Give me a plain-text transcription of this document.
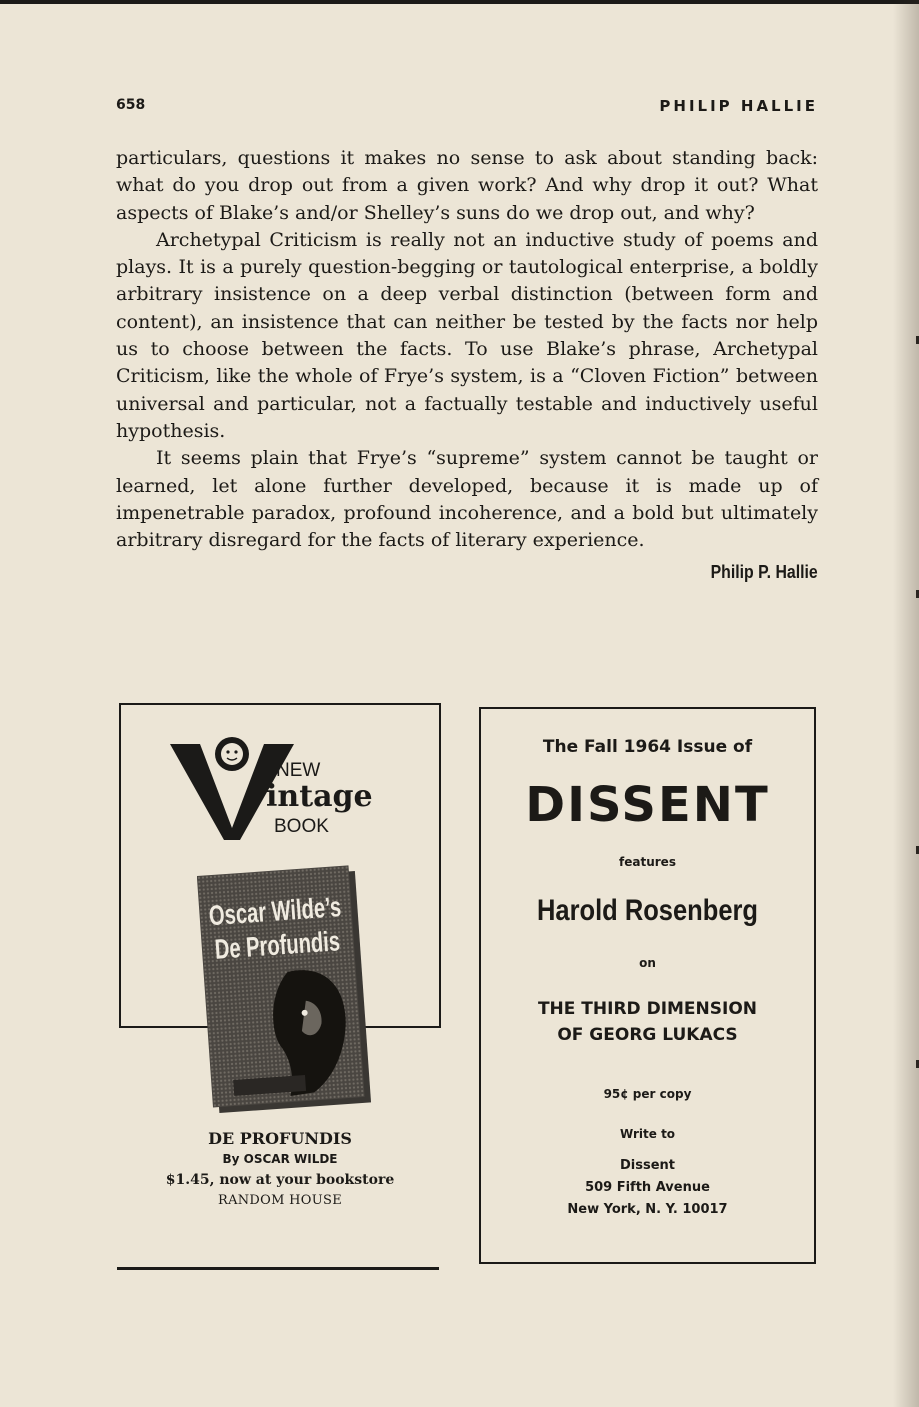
658	PHILIP HALLIE

particulars, questions it makes no sense to ask about standing back: what do you drop out from a given work? And why drop it out? What aspects of Blake’s and/or Shelley’s suns do we drop out, and why?

Archetypal Criticism is really not an inductive study of poems and plays. It is a purely question-begging or tautological enterprise, a boldly arbitrary insistence on a deep verbal distinction (between form and content), an insistence that can neither be tested by the facts nor help us to choose between the facts. To use Blake’s phrase, Archetypal Criticism, like the whole of Frye’s system, is a “Cloven Fiction” between universal and particular, not a factually testable and inductively useful hypothesis.

It seems plain that Frye’s “supreme” system cannot be taught or learned, let alone further developed, because it is made up of impenetrable paradox, profound incoherence, and a bold but ultimately arbitrary disregard for the facts of literary experience.

Philip P. Hallie
NEW
intage
BOOK
Oscar Wilde’s
De Profundis
DE PROFUNDIS
By OSCAR WILDE
$1.45, now at your bookstore
RANDOM HOUSE
The Fall 1964 Issue of
DISSENT
features
Harold Rosenberg
on
THE THIRD DIMENSION
OF GEORG LUKACS
95¢ per copy
Write to
Dissent
509 Fifth Avenue
New York, N. Y. 10017
